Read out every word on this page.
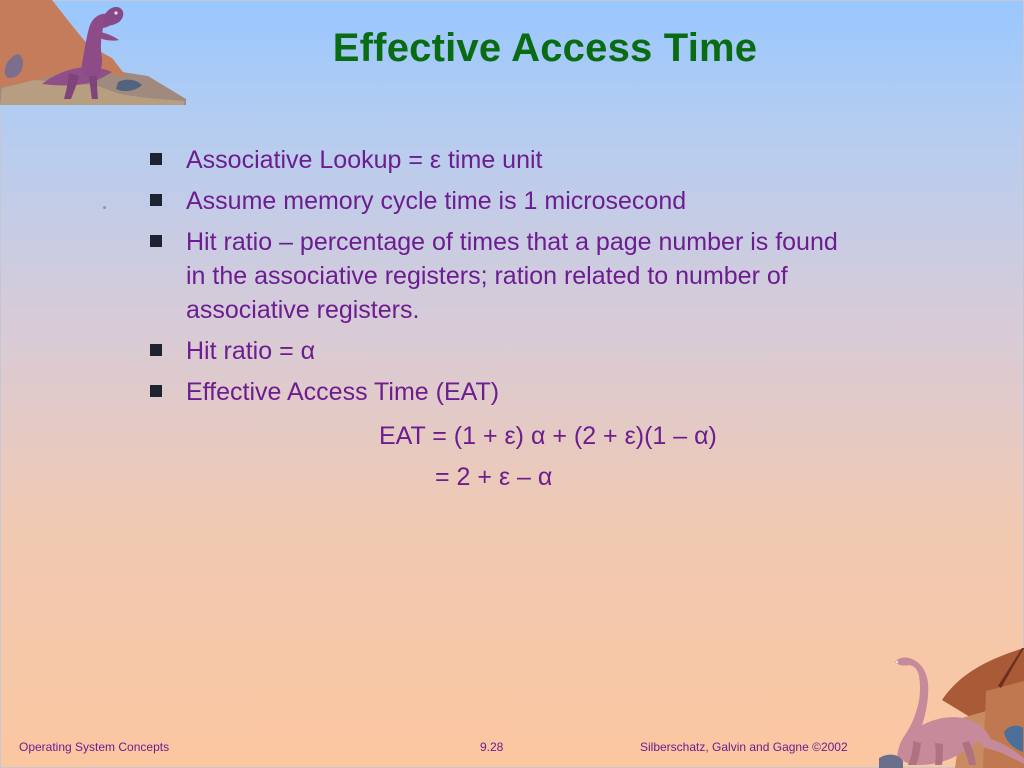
Effective Access Time
Associative Lookup = ε time unit
Assume memory cycle time is 1 microsecond
Hit ratio – percentage of times that a page number is found in the associative registers; ration related to number of associative registers.
Hit ratio = α
Effective Access Time (EAT)
EAT = (1 + ε) α + (2 + ε)(1 – α)
= 2 + ε – α
Operating System Concepts	9.28	Silberschatz, Galvin and Gagne ©2002
